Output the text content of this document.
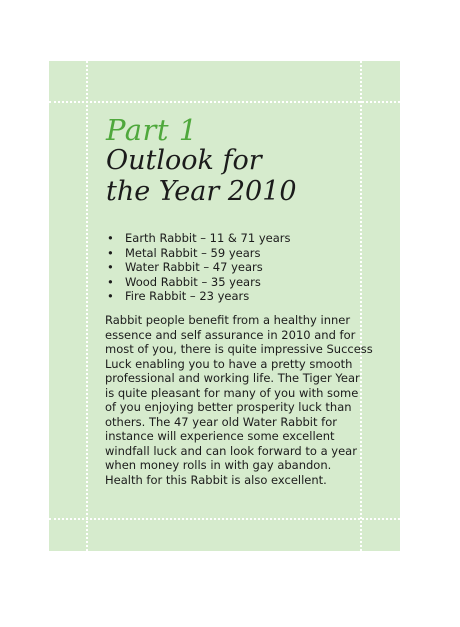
Part 1
Outlook for
the Year 2010
• Earth Rabbit – 11 & 71 years
• Metal Rabbit – 59 years
• Water Rabbit – 47 years
• Wood Rabbit – 35 years
• Fire Rabbit – 23 years

Rabbit people benefit from a healthy inner
essence and self assurance in 2010 and for
most of you, there is quite impressive Success
Luck enabling you to have a pretty smooth
professional and working life. The Tiger Year
is quite pleasant for many of you with some
of you enjoying better prosperity luck than
others. The 47 year old Water Rabbit for
instance will experience some excellent
windfall luck and can look forward to a year
when money rolls in with gay abandon.
Health for this Rabbit is also excellent.
